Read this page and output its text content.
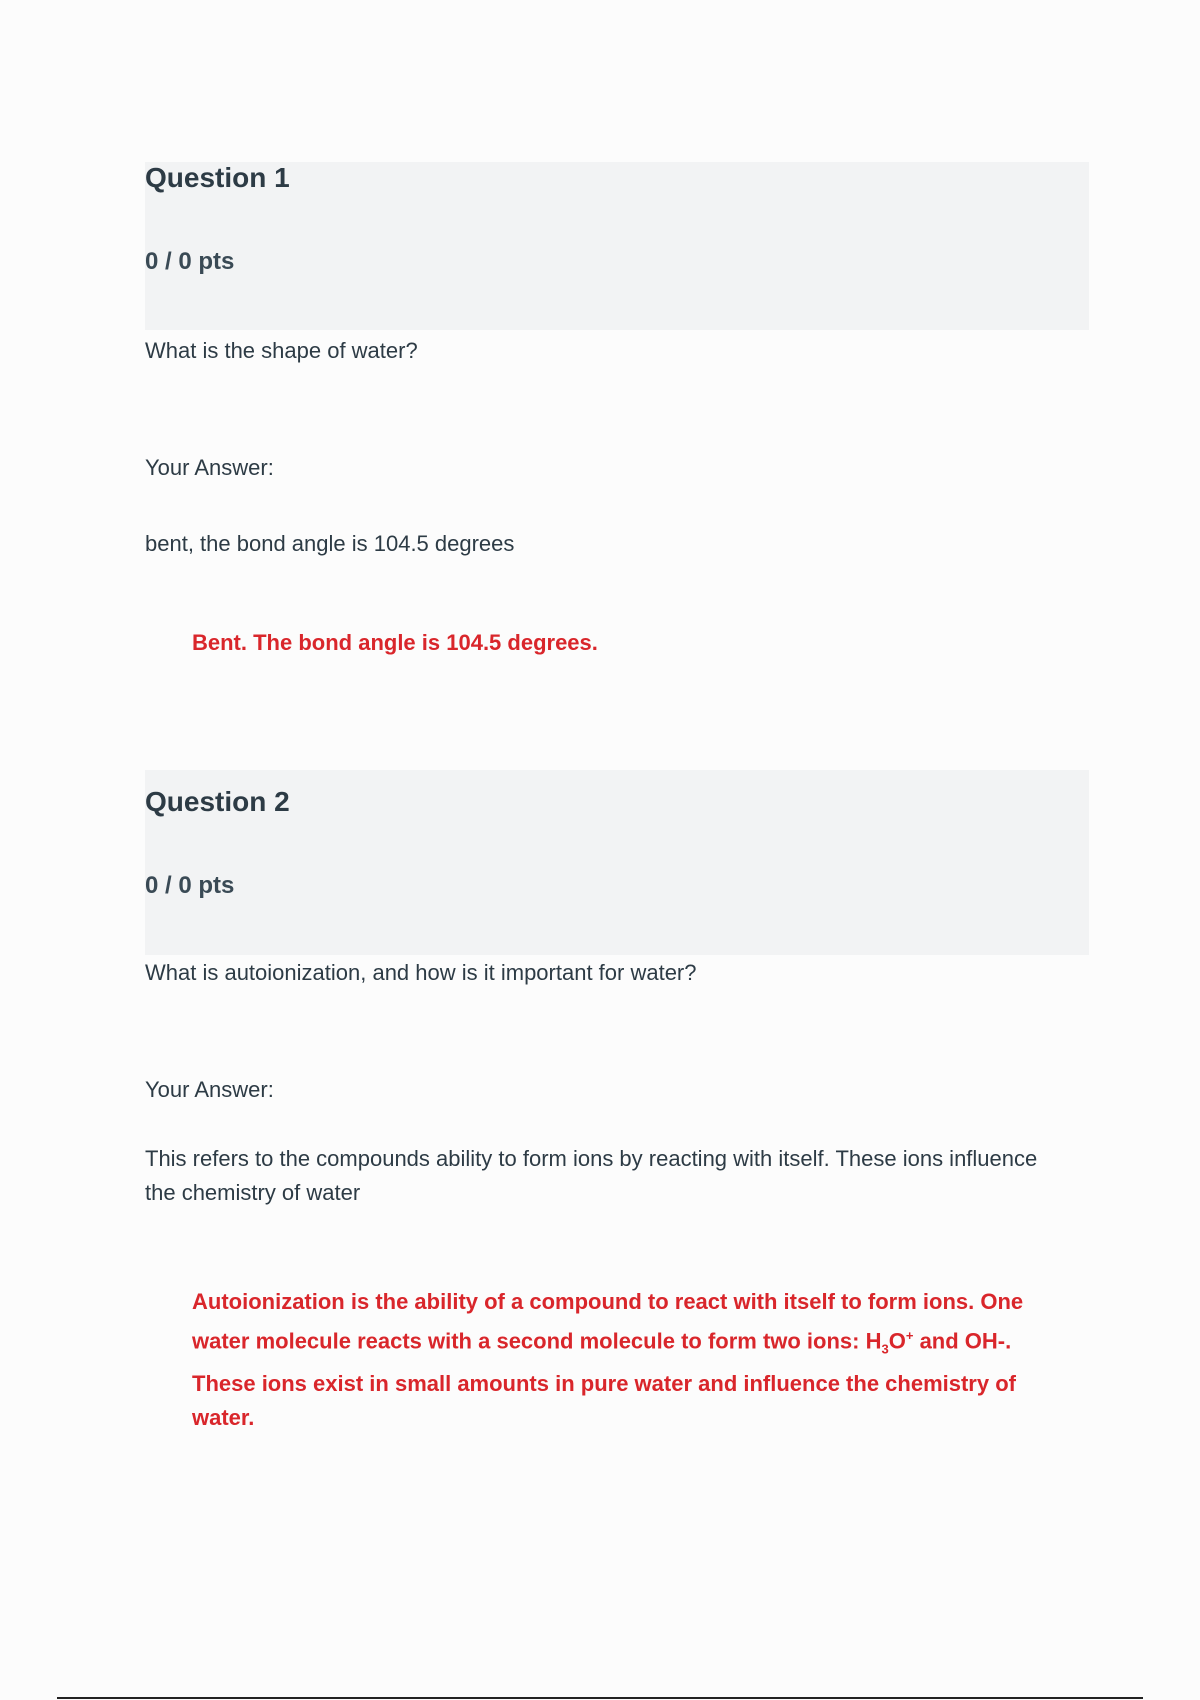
Question 1
0 / 0 pts
What is the shape of water?
Your Answer:
bent, the bond angle is 104.5 degrees
Bent. The bond angle is 104.5 degrees.
Question 2
0 / 0 pts
What is autoionization, and how is it important for water?
Your Answer:
This refers to the compounds ability to form ions by reacting with itself. These ions influence the chemistry of water
Autoionization is the ability of a compound to react with itself to form ions. One water molecule reacts with a second molecule to form two ions: $H_3O^+$ and OH-. These ions exist in small amounts in pure water and influence the chemistry of water.
